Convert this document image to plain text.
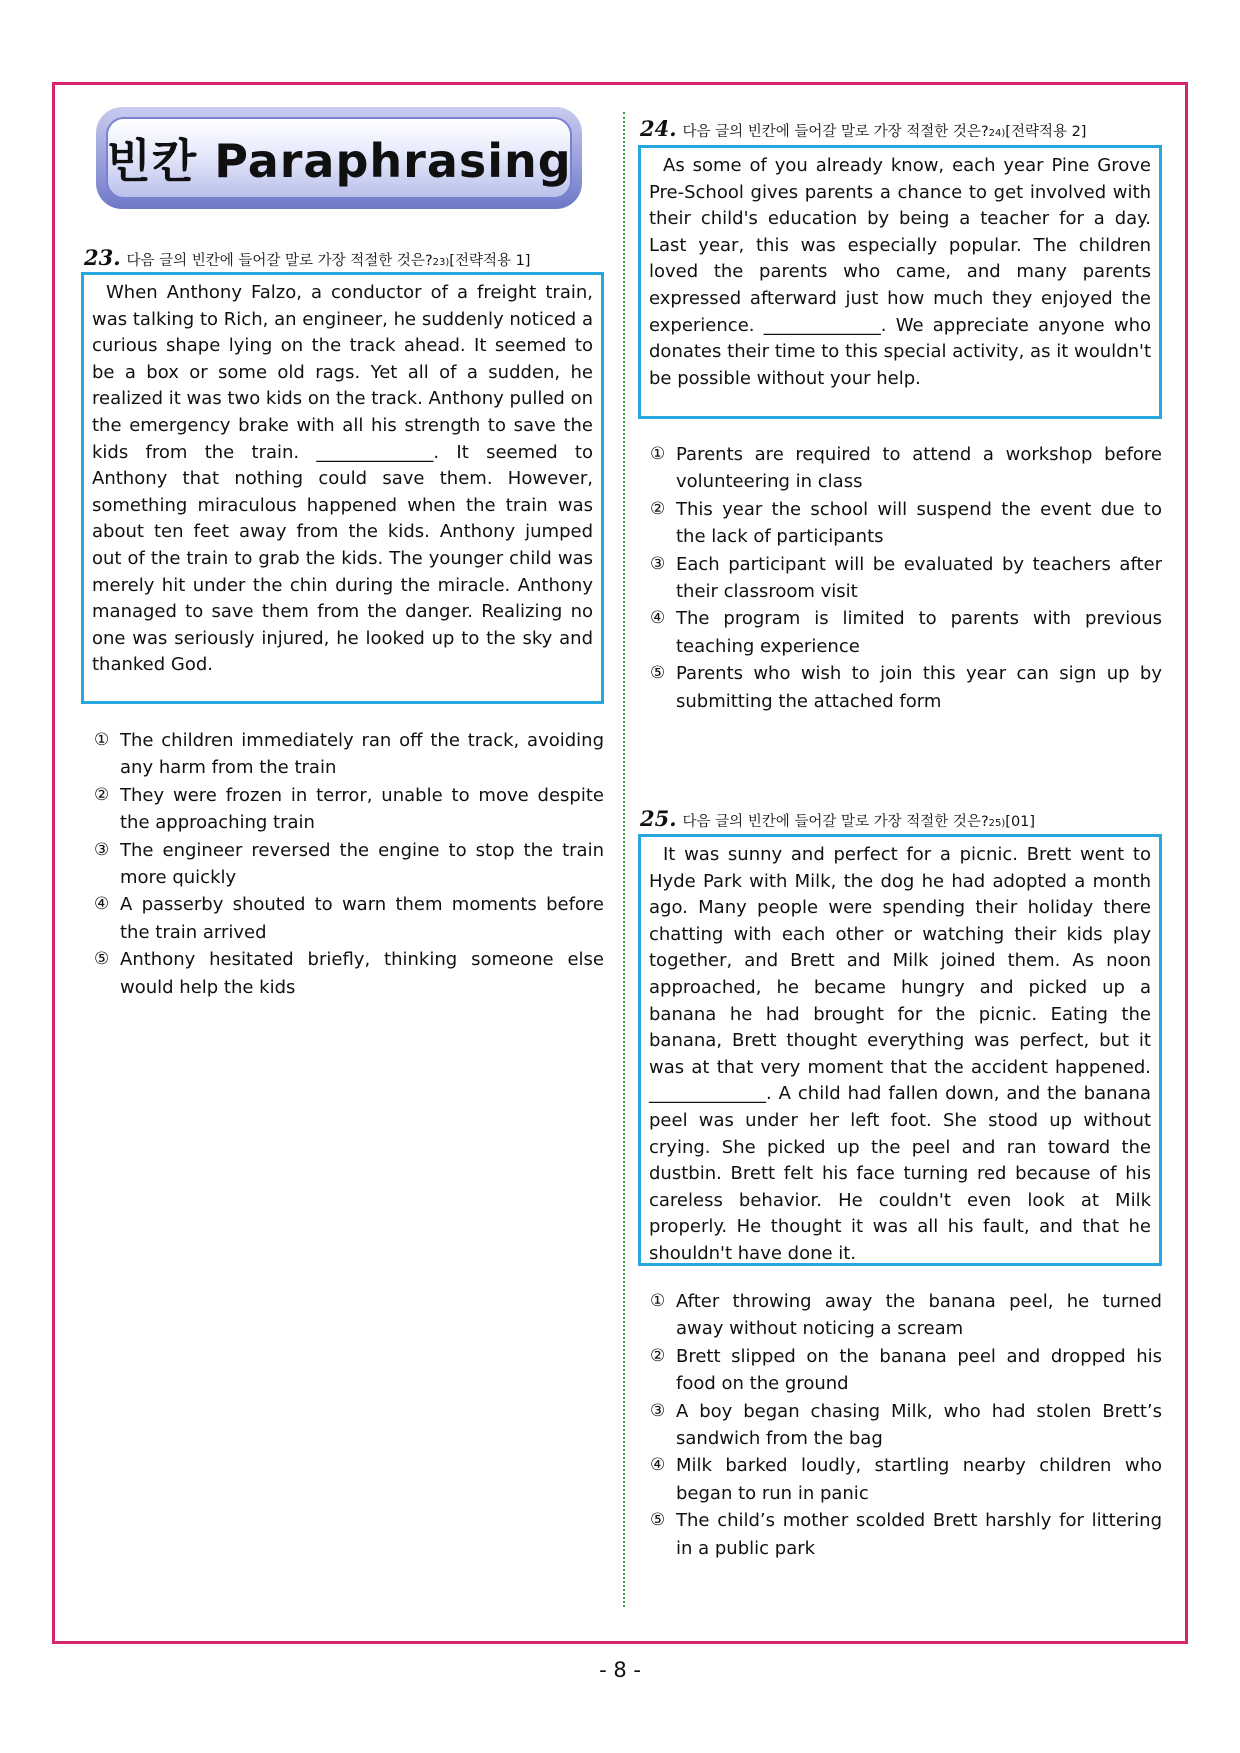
빈칸 Paraphrasing
23. 다음 글의 빈칸에 들어갈 말로 가장 적절한 것은? 23) [전략적용 1]

When Anthony Falzo, a conductor of a freight train, was talking to Rich, an engineer, he suddenly noticed a curious shape lying on the track ahead. It seemed to be a box or some old rags. Yet all of a sudden, he realized it was two kids on the track. Anthony pulled on the emergency brake with all his strength to save the kids from the train. _____________. It seemed to Anthony that nothing could save them. However, something miraculous happened when the train was about ten feet away from the kids. Anthony jumped out of the train to grab the kids. The younger child was merely hit under the chin during the miracle. Anthony managed to save them from the danger. Realizing no one was seriously injured, he looked up to the sky and thanked God.

① The children immediately ran off the track, avoiding any harm from the train
② They were frozen in terror, unable to move despite the approaching train
③ The engineer reversed the engine to stop the train more quickly
④ A passerby shouted to warn them moments before the train arrived
⑤ Anthony hesitated briefly, thinking someone else would help the kids
24. 다음 글의 빈칸에 들어갈 말로 가장 적절한 것은? 24) [전략적용 2]

As some of you already know, each year Pine Grove Pre-School gives parents a chance to get involved with their child's education by being a teacher for a day. Last year, this was especially popular. The children loved the parents who came, and many parents expressed afterward just how much they enjoyed the experience. _____________. We appreciate anyone who donates their time to this special activity, as it wouldn't be possible without your help.

① Parents are required to attend a workshop before volunteering in class
② This year the school will suspend the event due to the lack of participants
③ Each participant will be evaluated by teachers after their classroom visit
④ The program is limited to parents with previous teaching experience
⑤ Parents who wish to join this year can sign up by submitting the attached form
25. 다음 글의 빈칸에 들어갈 말로 가장 적절한 것은? 25) [01]

It was sunny and perfect for a picnic. Brett went to Hyde Park with Milk, the dog he had adopted a month ago. Many people were spending their holiday there chatting with each other or watching their kids play together, and Brett and Milk joined them. As noon approached, he became hungry and picked up a banana he had brought for the picnic. Eating the banana, Brett thought everything was perfect, but it was at that very moment that the accident happened. _____________. A child had fallen down, and the banana peel was under her left foot. She stood up without crying. She picked up the peel and ran toward the dustbin. Brett felt his face turning red because of his careless behavior. He couldn't even look at Milk properly. He thought it was all his fault, and that he shouldn't have done it.

① After throwing away the banana peel, he turned away without noticing a scream
② Brett slipped on the banana peel and dropped his food on the ground
③ A boy began chasing Milk, who had stolen Brett’s sandwich from the bag
④ Milk barked loudly, startling nearby children who began to run in panic
⑤ The child’s mother scolded Brett harshly for littering in a public park
- 8 -
